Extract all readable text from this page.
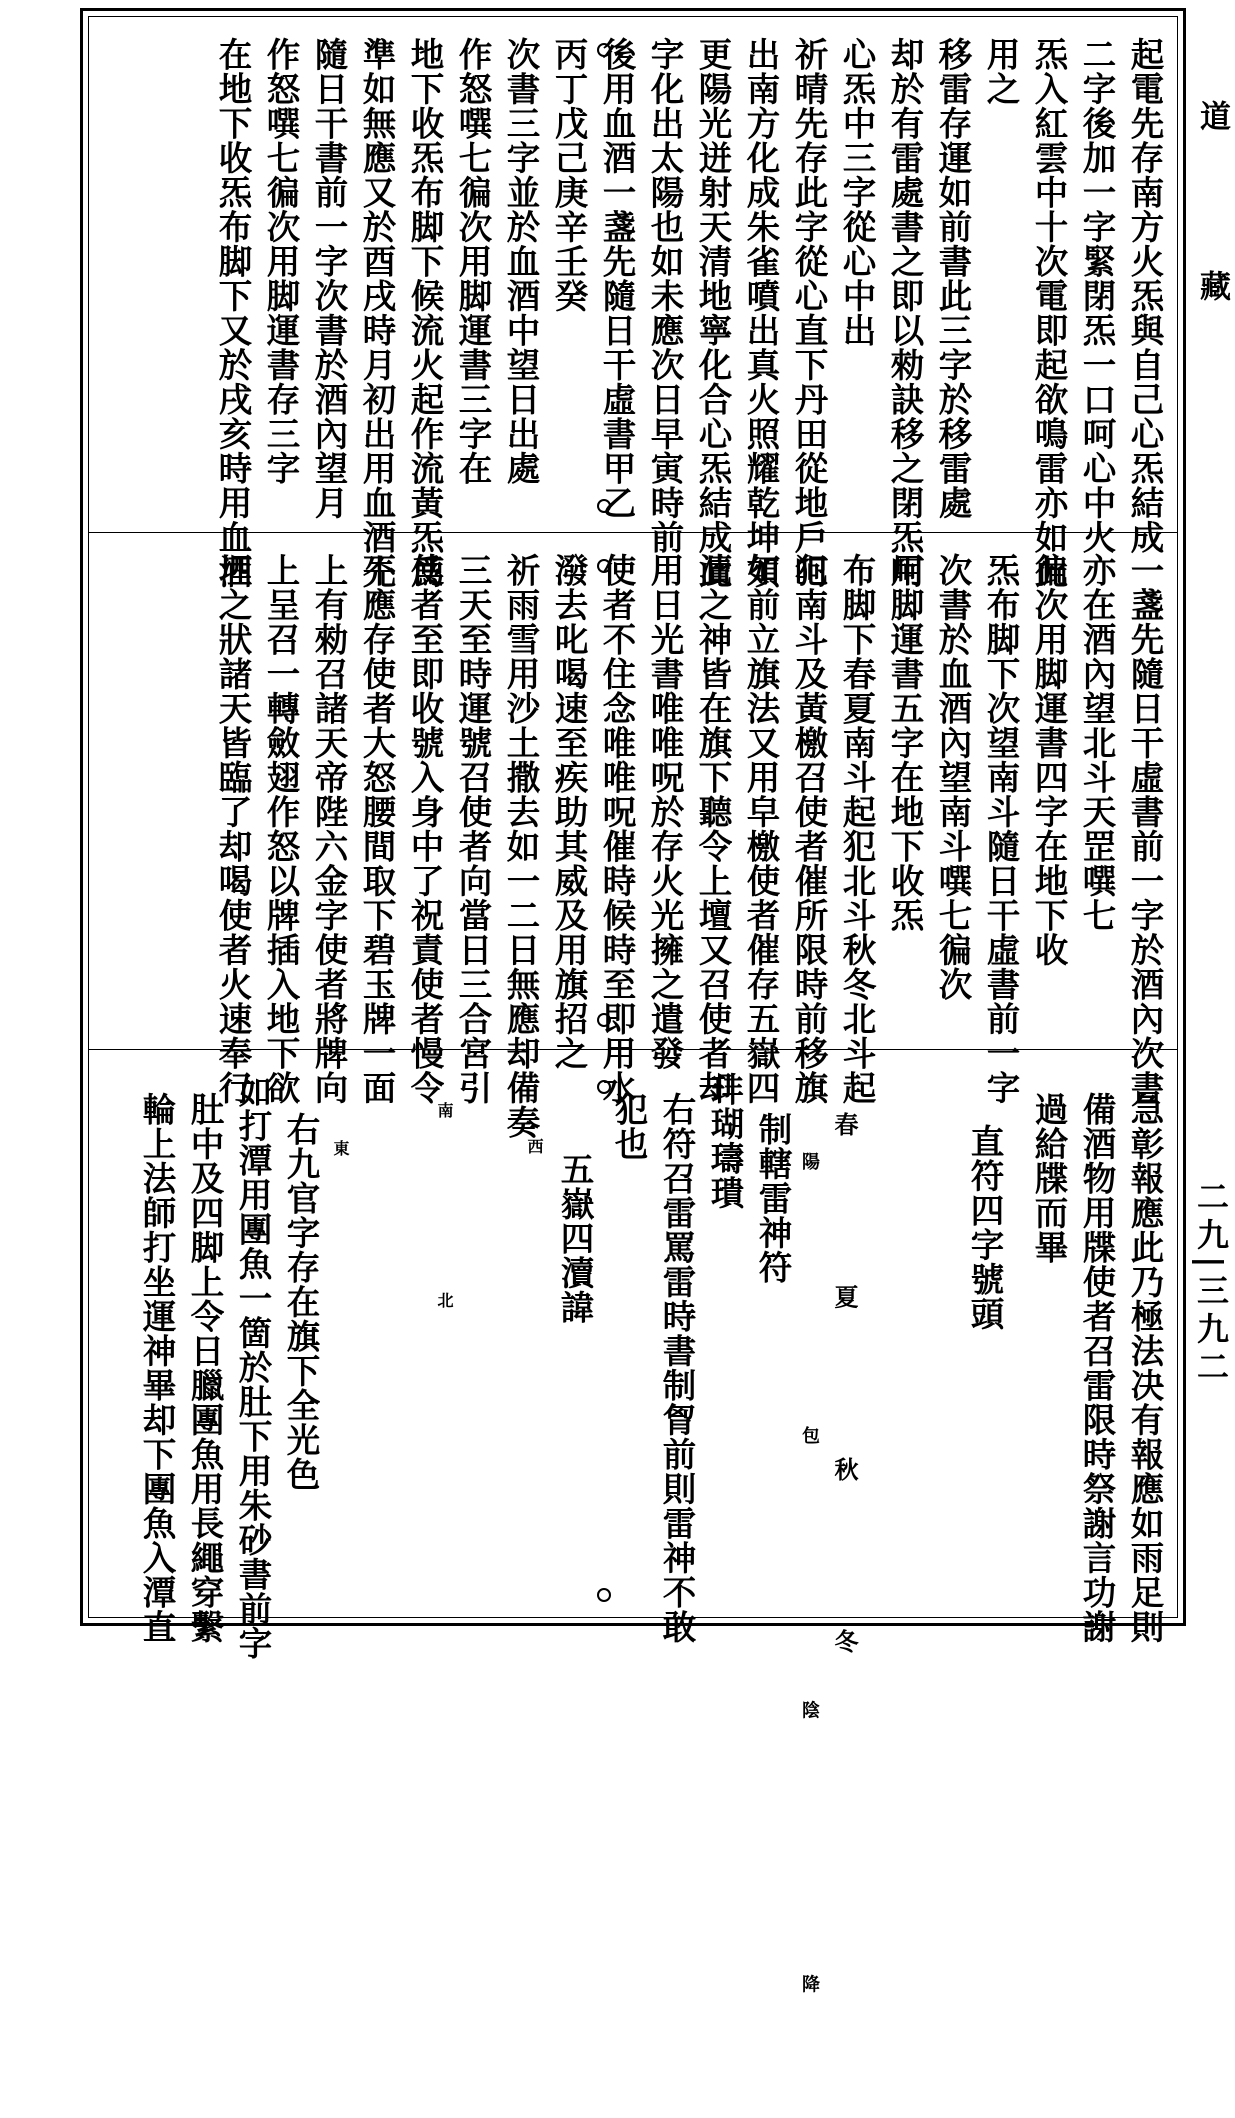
起電先存南方火炁與自己心炁結成
二字後加一字緊閉炁一口呵心中火
炁入紅雲中十次電即起欲鳴雷亦如此
用之
移雷存運如前書此三字於移雷處
却於有雷處書之即以勑訣移之閉炁呵
心炁中三字從心中出
祈晴先存此字從心直下丹田從地戶呵
出南方化成朱雀噴出真火照耀乾坤須
更陽光迸射天清地寧化合心炁結成此
字化出太陽也如未應次日早寅時前
後用血酒一盞先隨日干虛書甲乙
丙丁戊己庚辛壬癸
次書三字並於血酒中望日出處
作怒噀七徧次用脚運書三字在
地下收炁布脚下候流火起作流黃炁爲
準如無應又於酉戌時月初出用血酒先
隨日干書前一字次書於酒內望月
作怒噀七徧次用脚運書存三字
在地下收炁布脚下又於戌亥時用血酒
一盞先隨日干虛書前一字於酒內次書
亦在酒內望北斗天罡噀七
徧次用脚運書四字在地下收
炁布脚下次望南斗隨日干虛書前一字
次書於血酒內望南斗噀七徧次
用脚運書五字在地下收炁
布脚下春夏南斗起犯北斗秋冬北斗起
犯南斗及黃檄召使者催所限時前移旗
如前立旗法又用皁檄使者催存五嶽四
瀆之神皆在旗下聽令上壇又召使者却
用日光書唯唯呪於存火光擁之遣發
使者不住念唯唯呪催時候時至即用水
潑去叱喝速至疾助其威及用旗招之
祈雨雪用沙土撒去如一二日無應却備奏
三天至時運號召使者向當日三合宮引
使者至即收號入身中了祝責使者慢令
不應存使者大怒腰間取下碧玉牌一面
上有勑召諸天帝陛六金字使者將牌向
上呈召一轉斂翅作怒以牌插入地下欲
埋之狀諸天皆臨了却喝使者火速奉行
急彰報應此乃極法决有報應如雨足則
備酒物用牒使者召雷限時祭謝言功謝
過給牒而畢
直符四字號頭
春 夏 秋 冬
陽 包 陰 降
制轄雷神符
玤瑚璹璝
右符召雷罵雷時書制胷前則雷神不敢
犯也
五嶽四瀆諱
西
北
南
東
右九官字存在旗下全光色
如打潭用團魚一箇於肚下用朱砂書前字
肚中及四脚上令日臘團魚用長繩穿繫
輪上法師打坐運神畢却下團魚入潭直
道
藏
二九|三九二
